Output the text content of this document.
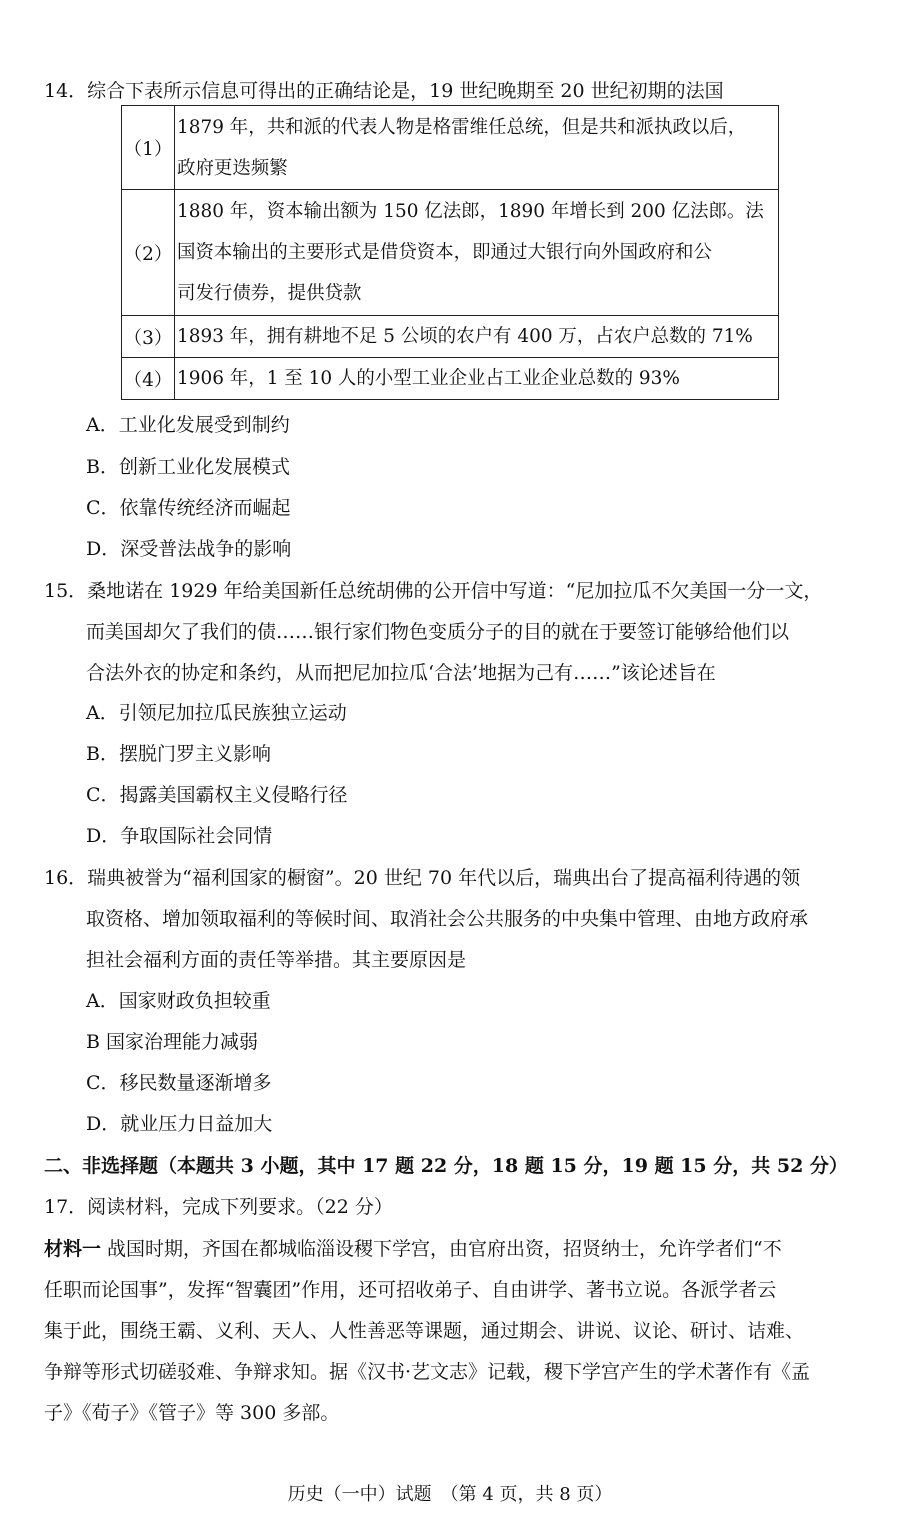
14．综合下表所示信息可得出的正确结论是，19 世纪晚期至 20 世纪初期的法国
（1）	1879 年，共和派的代表人物是格雷维任总统，但是共和派执政以后，
政府更迭频繁

（2）	1880 年，资本输出额为 150 亿法郎，1890 年增长到 200 亿法郎。法
国资本输出的主要形式是借贷资本，即通过大银行向外国政府和公
司发行债券，提供贷款

（3）	1893 年，拥有耕地不足 5 公顷的农户有 400 万，占农户总数的 71%

（4）	1906 年，1 至 10 人的小型工业企业占工业企业总数的 93%
A．工业化发展受到制约
B．创新工业化发展模式
C．依靠传统经济而崛起
D．深受普法战争的影响
15．桑地诺在 1929 年给美国新任总统胡佛的公开信中写道：“尼加拉瓜不欠美国一分一文，
而美国却欠了我们的债……银行家们物色变质分子的目的就在于要签订能够给他们以
合法外衣的协定和条约，从而把尼加拉瓜‘合法’地据为己有……”该论述旨在
A．引领尼加拉瓜民族独立运动
B．摆脱门罗主义影响
C．揭露美国霸权主义侵略行径
D．争取国际社会同情
16．瑞典被誉为“福利国家的橱窗”。20 世纪 70 年代以后，瑞典出台了提高福利待遇的领
取资格、增加领取福利的等候时间、取消社会公共服务的中央集中管理、由地方政府承
担社会福利方面的责任等举措。其主要原因是
A．国家财政负担较重
B 国家治理能力减弱
C．移民数量逐渐增多
D．就业压力日益加大
二、非选择题（本题共 3 小题，其中 17 题 22 分，18 题 15 分，19 题 15 分，共 52 分）
17．阅读材料，完成下列要求。（22 分）
材料一 战国时期，齐国在都城临淄设稷下学宫，由官府出资，招贤纳士，允许学者们“不
任职而论国事”，发挥“智囊团”作用，还可招收弟子、自由讲学、著书立说。各派学者云
集于此，围绕王霸、义利、天人、人性善恶等课题，通过期会、讲说、议论、研讨、诘难、
争辩等形式切磋驳难、争辩求知。据《汉书·艺文志》记载，稷下学宫产生的学术著作有《孟
子》《荀子》《管子》等 300 多部。
历史（一中）试题　（第 4 页，共 8 页）
